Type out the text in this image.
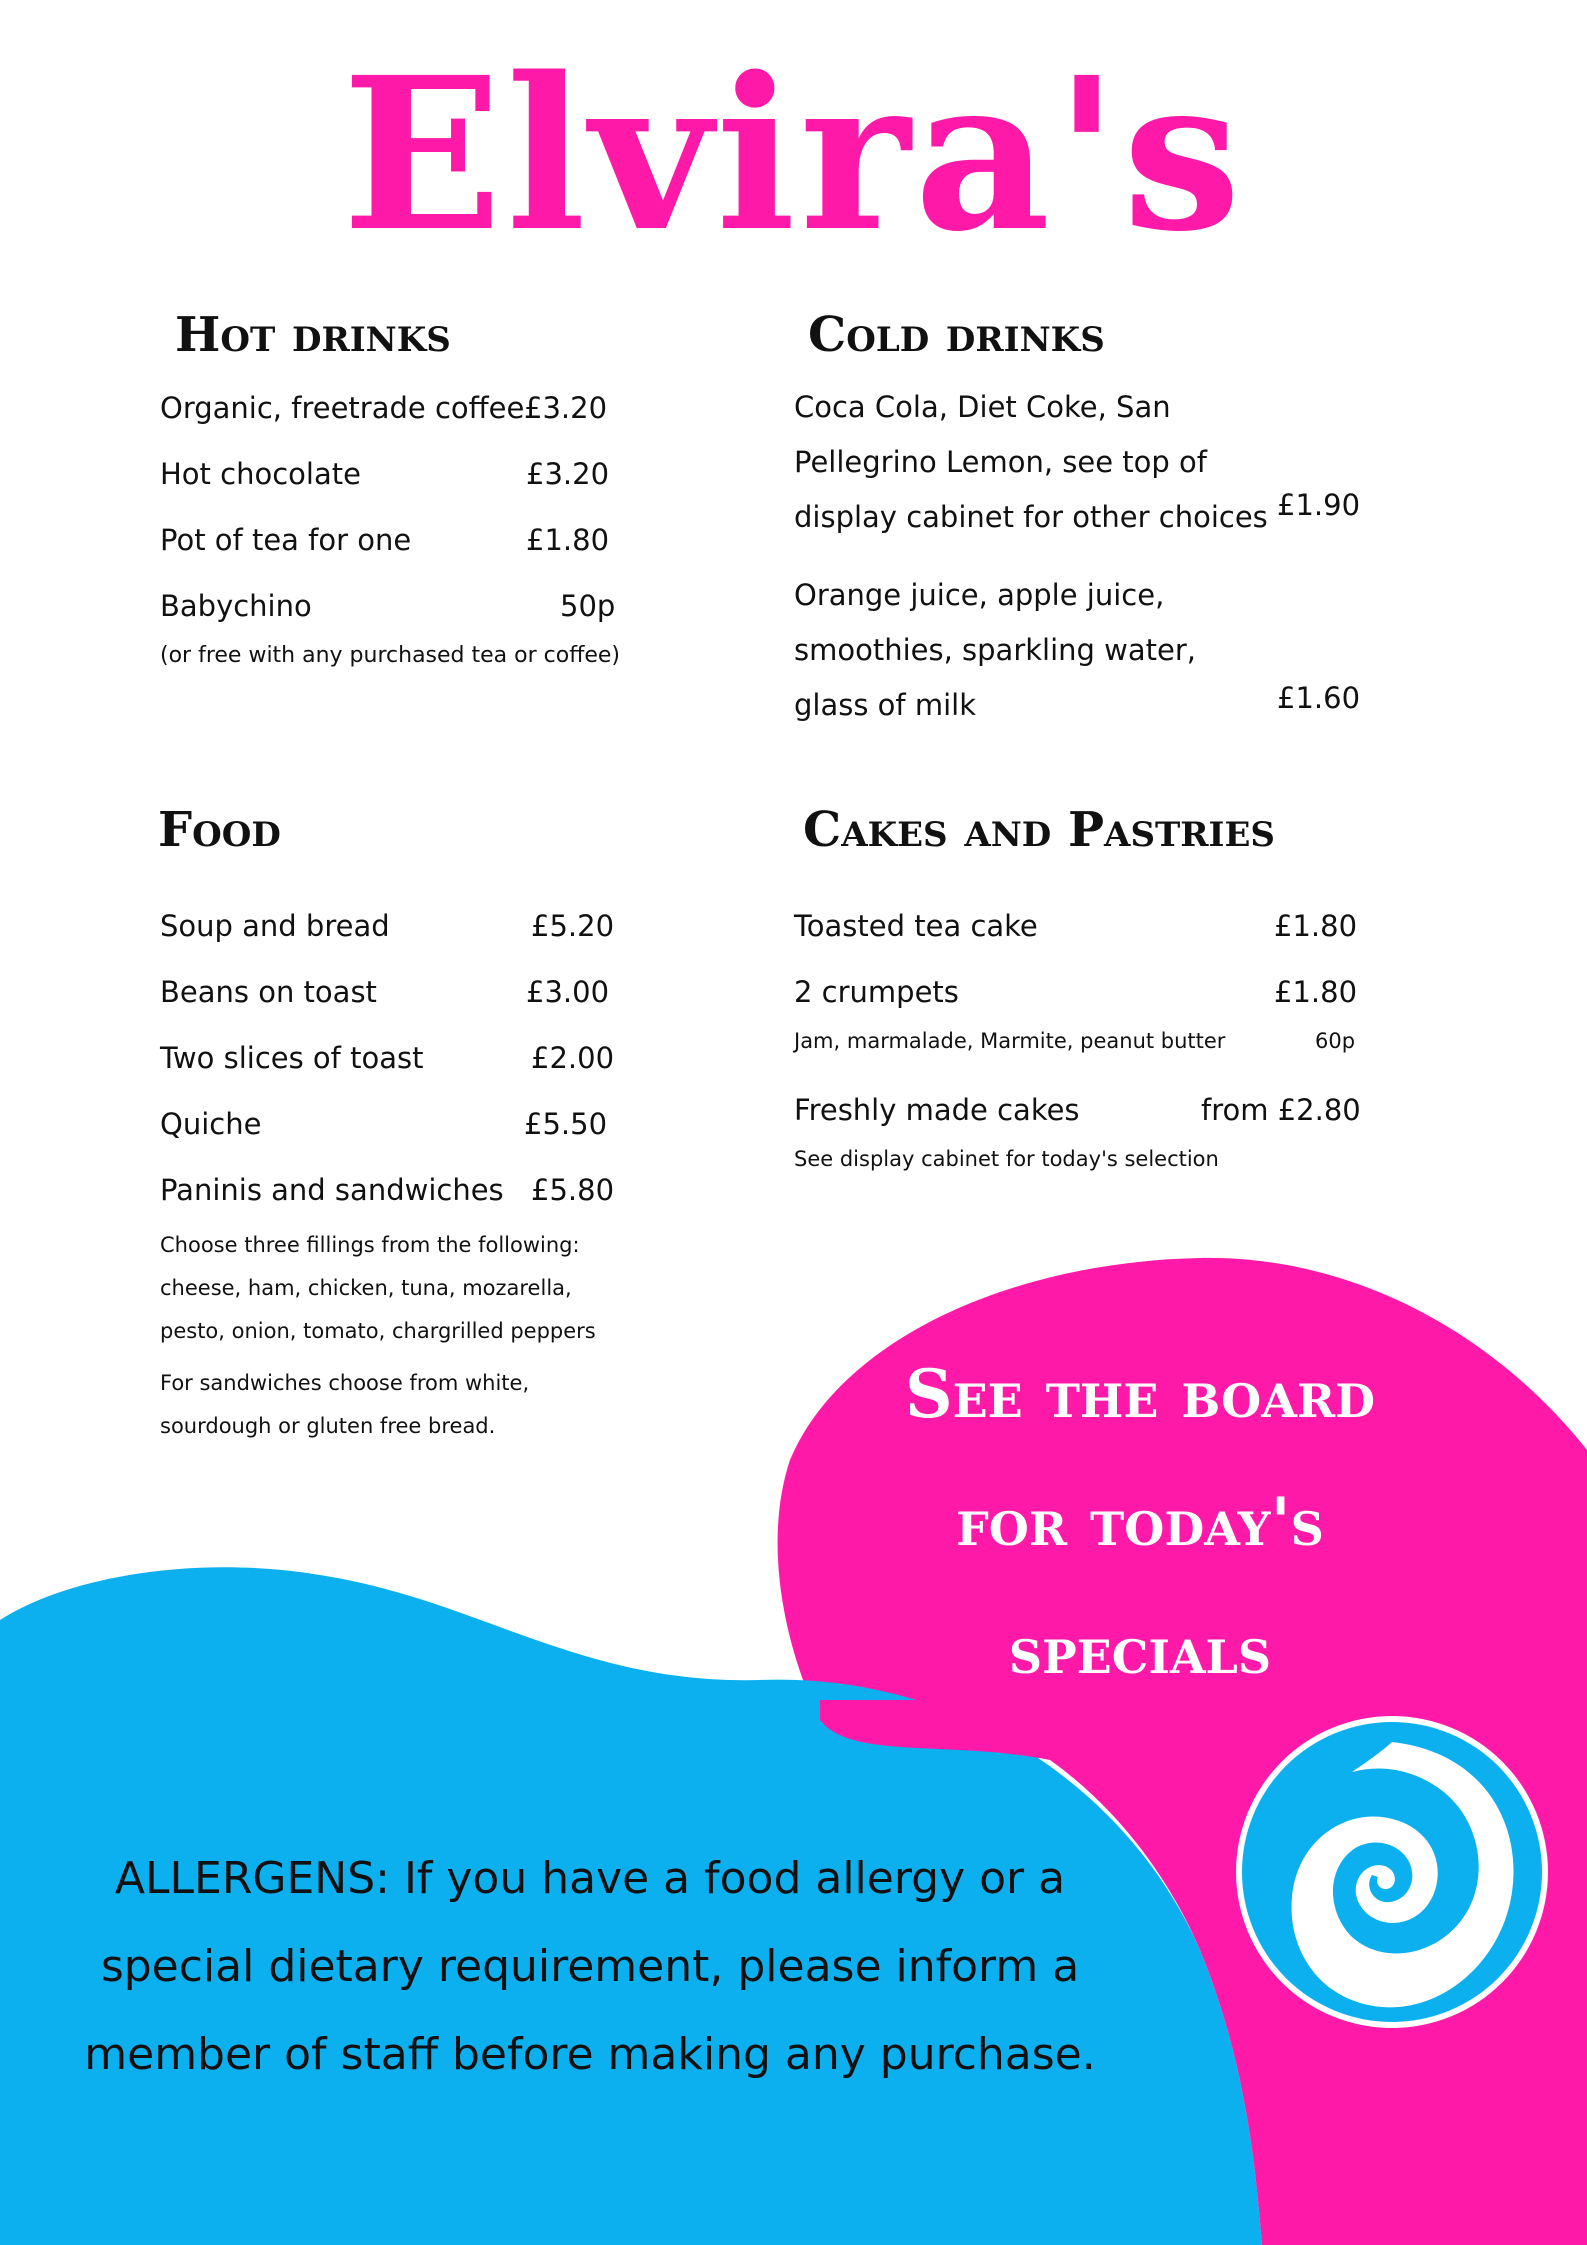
Elvira's
Hot drinks
Organic, freetrade coffee £3.20
Hot chocolate	£3.20
Pot of tea for one	£1.80
Babychino	50p
(or free with any purchased tea or coffee)
Cold drinks
Coca Cola, Diet Coke, San
Pellegrino Lemon, see top of
display cabinet for other choices £1.90
Orange juice, apple juice,
smoothies, sparkling water,
glass of milk	£1.60
Food
Soup and bread	£5.20
Beans on toast	£3.00
Two slices of toast	£2.00
Quiche	£5.50
Paninis and sandwiches £5.80
Choose three fillings from the following:
cheese, ham, chicken, tuna, mozarella,
pesto, onion, tomato, chargrilled peppers
For sandwiches choose from white,
sourdough or gluten free bread.
Cakes and Pastries
Toasted tea cake	£1.80
2 crumpets	£1.80
Jam, marmalade, Marmite, peanut butter	60p
Freshly made cakes	from £2.80
See display cabinet for today's selection
See the board
for today's
specials
ALLERGENS: If you have a food allergy or a
special dietary requirement, please inform a
member of staff before making any purchase.
